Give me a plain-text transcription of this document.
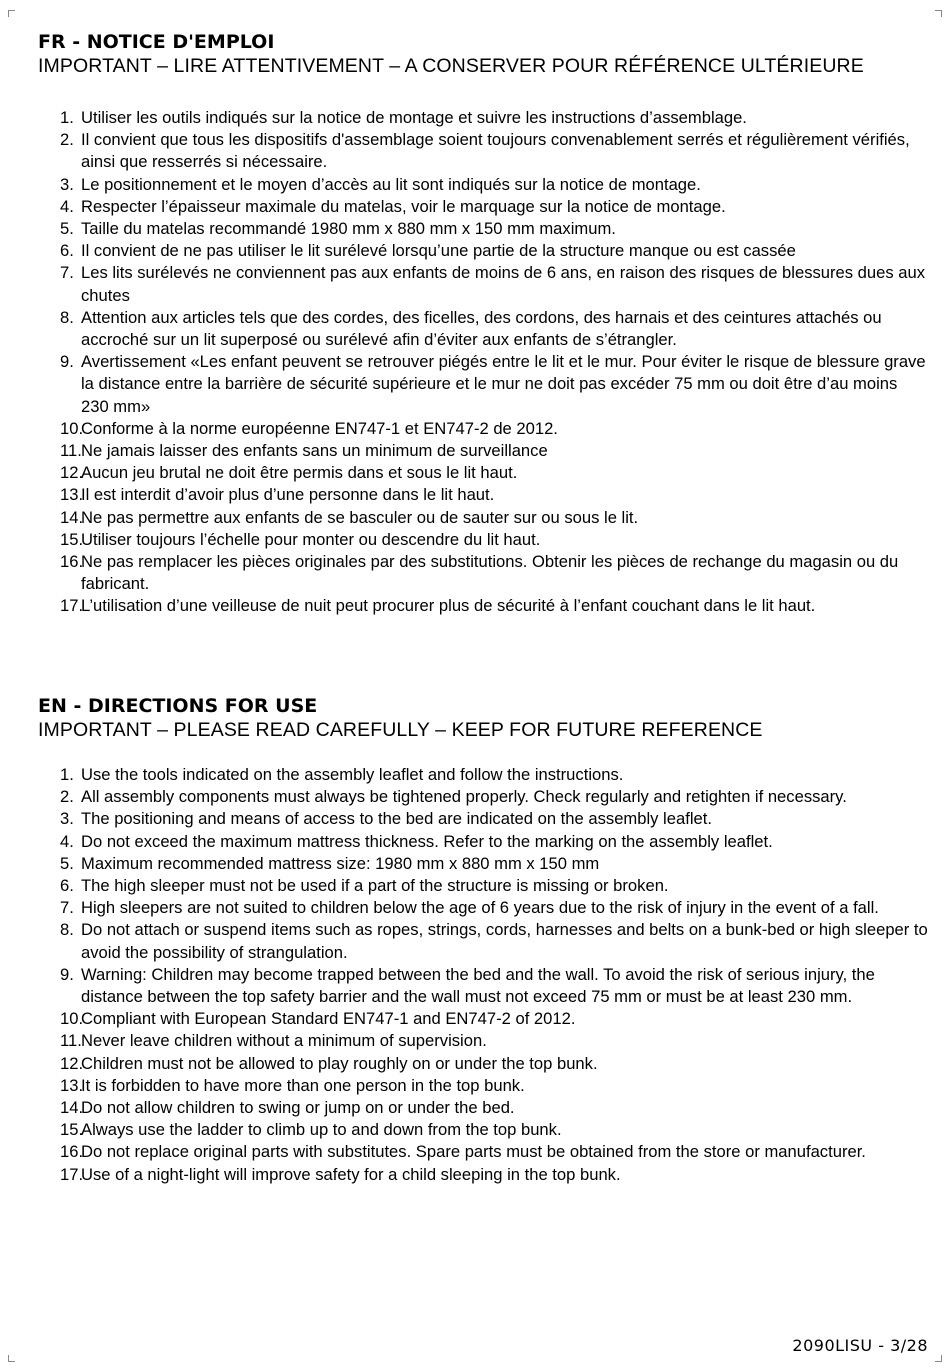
FR - NOTICE D'EMPLOI

IMPORTANT – LIRE ATTENTIVEMENT – A CONSERVER POUR RÉFÉRENCE ULTÉRIEURE

1. Utiliser les outils indiqués sur la notice de montage et suivre les instructions d’assemblage.
2. Il convient que tous les dispositifs d'assemblage soient toujours convenablement serrés et régulièrement vérifiés, ainsi que resserrés si nécessaire.
3. Le positionnement et le moyen d’accès au lit sont indiqués sur la notice de montage.
4. Respecter l’épaisseur maximale du matelas, voir le marquage sur la notice de montage.
5. Taille du matelas recommandé 1980 mm x 880 mm x 150 mm maximum.
6. Il convient de ne pas utiliser le lit surélevé lorsqu’une partie de la structure manque ou est cassée
7. Les lits surélevés ne conviennent pas aux enfants de moins de 6 ans, en raison des risques de blessures dues aux chutes
8. Attention aux articles tels que des cordes, des ficelles, des cordons, des harnais et des ceintures attachés ou accroché sur un lit superposé ou surélevé afin d’éviter aux enfants de s’étrangler.
9. Avertissement «Les enfant peuvent se retrouver piégés entre le lit et le mur. Pour éviter le risque de blessure grave la distance entre la barrière de sécurité supérieure et le mur ne doit pas excéder 75 mm ou doit être d’au moins 230 mm»
10.
Conforme à la norme européenne EN747-1 et EN747-2 de 2012.
11. Ne jamais laisser des enfants sans un minimum de surveillance
12.
Aucun jeu brutal ne doit être permis dans et sous le lit haut.
13.
Il est interdit d’avoir plus d’une personne dans le lit haut.
14.
Ne pas permettre aux enfants de se basculer ou de sauter sur ou sous le lit.
15.
Utiliser toujours l’échelle pour monter ou descendre du lit haut.
16.
Ne pas remplacer les pièces originales par des substitutions. Obtenir les pièces de rechange du magasin ou du fabricant.
17.
L’utilisation d’une veilleuse de nuit peut procurer plus de sécurité à l’enfant couchant dans le lit haut.
EN - DIRECTIONS FOR USE

IMPORTANT – PLEASE READ CAREFULLY – KEEP FOR FUTURE REFERENCE

1. Use the tools indicated on the assembly leaflet and follow the instructions.
2. All assembly components must always be tightened properly. Check regularly and retighten if necessary.
3. The positioning and means of access to the bed are indicated on the assembly leaflet.
4. Do not exceed the maximum mattress thickness. Refer to the marking on the assembly leaflet.
5. Maximum recommended mattress size: 1980 mm x 880 mm x 150 mm
6. The high sleeper must not be used if a part of the structure is missing or broken.
7. High sleepers are not suited to children below the age of 6 years due to the risk of injury in the event of a fall.
8. Do not attach or suspend items such as ropes, strings, cords, harnesses and belts on a bunk-bed or high sleeper to avoid the possibility of strangulation.
9. Warning: Children may become trapped between the bed and the wall. To avoid the risk of serious injury, the distance between the top safety barrier and the wall must not exceed 75 mm or must be at least 230 mm.
10.
Compliant with European Standard EN747-1 and EN747-2 of 2012.
11. Never leave children without a minimum of supervision.
12.
Children must not be allowed to play roughly on or under the top bunk.
13.
It is forbidden to have more than one person in the top bunk.
14.
Do not allow children to swing or jump on or under the bed.
15.
Always use the ladder to climb up to and down from the top bunk.
16.
Do not replace original parts with substitutes. Spare parts must be obtained from the store or manufacturer.
17.
Use of a night-light will improve safety for a child sleeping in the top bunk.
2090LISU - 3/28
